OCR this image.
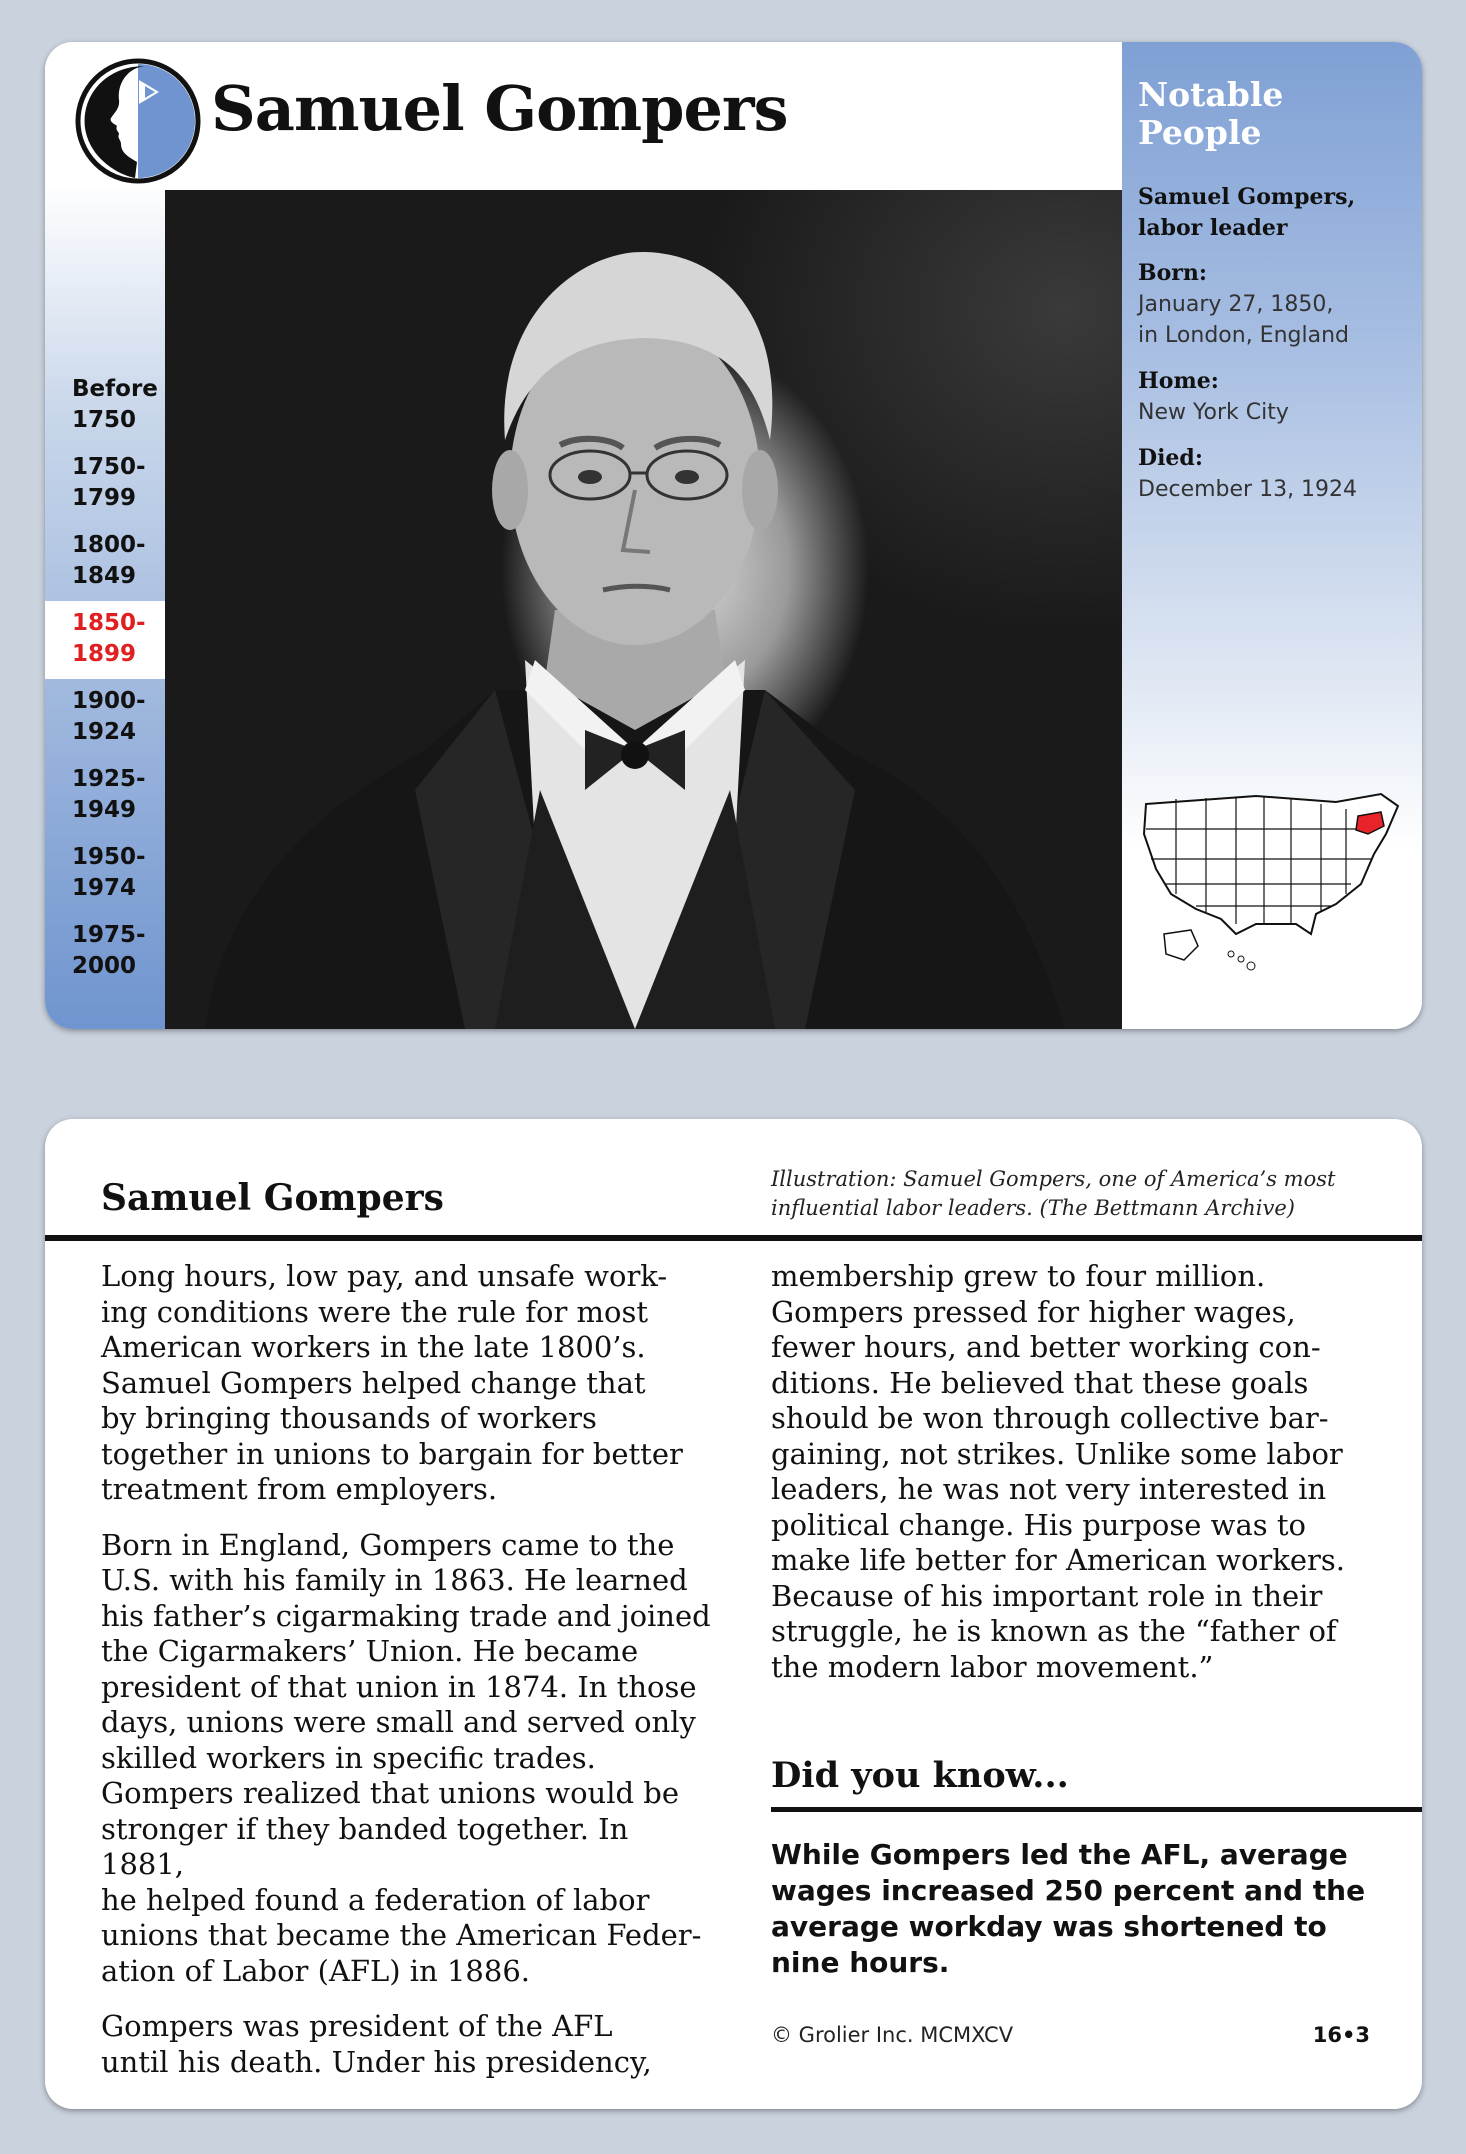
Samuel Gompers
Before
1750
1750-
1799
1800-
1849
1850-
1899
1900-
1924
1925-
1949
1950-
1974
1975-
2000
Notable
People
Samuel Gompers,
labor leader
Born:
January 27, 1850,
in London, England
Home:
New York City
Died:
December 13, 1924
Samuel Gompers	Illustration: Samuel Gompers, one of America’s most
influential labor leaders. (The Bettmann Archive)

Long hours, low pay, and unsafe work-
ing conditions were the rule for most
American workers in the late 1800’s.
Samuel Gompers helped change that
by bringing thousands of workers
together in unions to bargain for better
treatment from employers.

Born in England, Gompers came to the
U.S. with his family in 1863. He learned
his father’s cigarmaking trade and joined
the Cigarmakers’ Union. He became
president of that union in 1874. In those
days, unions were small and served only
skilled workers in specific trades.
Gompers realized that unions would be
stronger if they banded together. In 1881,
he helped found a federation of labor
unions that became the American Feder-
ation of Labor (AFL) in 1886.

Gompers was president of the AFL
until his death. Under his presidency,

membership grew to four million.
Gompers pressed for higher wages,
fewer hours, and better working con-
ditions. He believed that these goals
should be won through collective bar-
gaining, not strikes. Unlike some labor
leaders, he was not very interested in
political change. His purpose was to
make life better for American workers.
Because of his important role in their
struggle, he is known as the “father of
the modern labor movement.”

Did you know...
While Gompers led the AFL, average
wages increased 250 percent and the
average workday was shortened to
nine hours.
© Grolier Inc. MCMXCV	16•3
